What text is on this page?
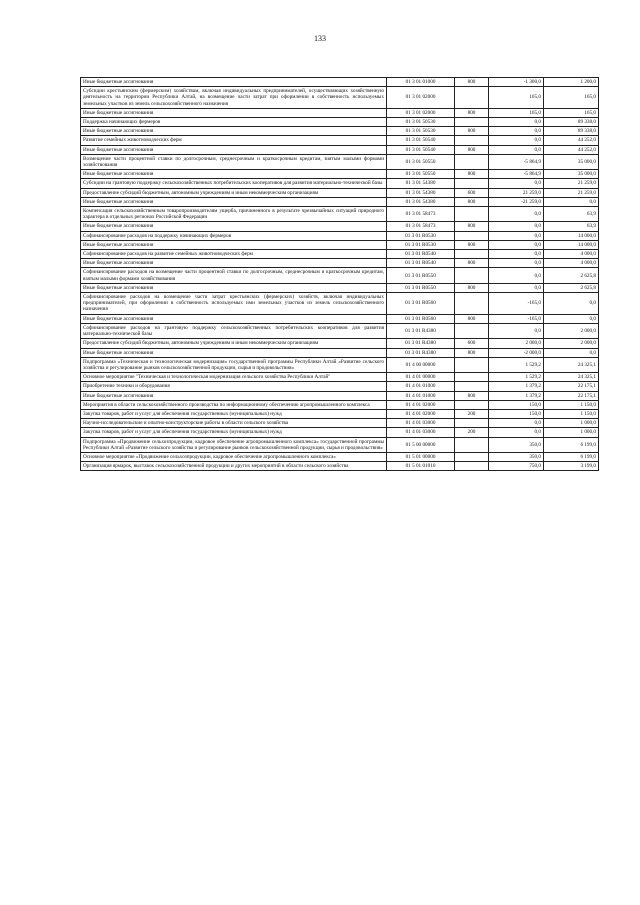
133
Иные бюджетные ассигнования	01 3 01 01000	800	-1 300,0	1 200,0
Субсидии крестьянским (фермерским) хозяйствам, включая индивидуальных предпринимателей, осуществляющих хозяйственную деятельность на территории Республики Алтай, на возмещение части затрат при оформлении в собственность используемых земельных участков из земель сельскохозяйственного назначения	01 3 01 02000		165,0	165,0
Иные бюджетные ассигнования	01 3 01 02000	800	165,0	165,0
Поддержка начинающих фермеров	01 3 01 50530		0,0	89 338,0
Иные бюджетные ассигнования	01 3 01 50530	800	0,0	89 338,0
Развитие семейных животноводческих ферм	01 3 01 50540		0,0	44 252,0
Иные бюджетные ассигнования	01 3 01 50540	800	0,0	44 252,0
Возмещение части процентной ставки по долгосрочным, среднесрочным и краткосрочным кредитам, взятым малыми формами хозяйствования	01 3 01 50550		-5 864,9	35 000,0
Иные бюджетные ассигнования	01 3 01 50550	800	-5 864,9	35 000,0
Субсидии на грантовую поддержку сельскохозяйственных потребительских кооперативов для развития материально-технической базы	01 3 01 54380		0,0	21 259,0
Предоставление субсидий бюджетным, автономным учреждениям и иным некоммерческим организациям	01 3 01 54380	600	21 259,0	21 259,0
Иные бюджетные ассигнования	01 3 01 54380	800	-21 259,0	0,0
Компенсация сельскохозяйственным товаропроизводителям ущерба, причиненного в результате чрезвычайных ситуаций природного характера в отдельных регионах Российской Федерации	01 3 01 58473		0,0	63,9
Иные бюджетные ассигнования	01 3 01 58473	800	0,0	63,9
Софинансирование расходов на поддержку начинающих фермеров	01 3 01 R0530		0,0	14 000,0
Иные бюджетные ассигнования	01 3 01 R0530	800	0,0	14 000,0
Софинансирование расходов на развитие семейных животноводческих ферм	01 3 01 R0540		0,0	4 000,0
Иные бюджетные ассигнования	01 3 01 R0540	800	0,0	4 000,0
Софинансирование расходов на возмещение части процентной ставки по долгосрочным, среднесрочным и краткосрочным кредитам, взятым малыми формами хозяйствования	01 3 01 R0550		0,0	2 625,8
Иные бюджетные ассигнования	01 3 01 R0550	800	0,0	2 625,8
Софинансирование расходов на возмещение части затрат крестьянских (фермерских) хозяйств, включая индивидуальных предпринимателей, при оформлении в собственность используемых ими земельных участков из земель сельскохозяйственного назначения	01 3 01 R0560		-165,0	0,0
Иные бюджетные ассигнования	01 3 01 R0560	800	-165,0	0,0
Софинансирование расходов на грантовую поддержку сельскохозяйственных потребительских кооперативов для развития материально-технической базы	01 3 01 R4380		0,0	2 000,0
Предоставление субсидий бюджетным, автономным учреждениям и иным некоммерческим организациям	01 3 01 R4380	600	2 000,0	2 000,0
Иные бюджетные ассигнования	01 3 01 R4380	800	-2 000,0	0,0
Подпрограмма «Техническая и технологическая модернизация» государственной программы Республики Алтай «Развитие сельского хозяйства и регулирование рынков сельскохозяйственной продукции, сырья и продовольствия»	01 4 00 00000		1 529,2	24 325,1
Основное мероприятие "Техническая и технологическая модернизация сельского хозяйства Республики Алтай"	01 4 01 00000		1 529,2	24 325,1
Приобретение техники и оборудования	01 4 01 01000		1 379,2	22 175,1
Иные бюджетные ассигнования	01 4 01 01000	800	1 379,2	22 175,1
Мероприятия в области сельскохозяйственного производства по информационному обеспечению агропромышленного комплекса	01 4 01 02000		150,0	1 150,0
Закупка товаров, работ и услуг для обеспечения государственных (муниципальных) нужд	01 4 01 02000	200	150,0	1 150,0
Научно-исследовательские и опытно-конструкторские работы в области сельского хозяйства	01 4 01 03000		0,0	1 000,0
Закупка товаров, работ и услуг для обеспечения государственных (муниципальных) нужд	01 4 01 03000	200	0,0	1 000,0
Подпрограмма «Продвижение сельхозпродукции, кадровое обеспечение агропромышленного комплекса» государственной программы Республики Алтай «Развитие сельского хозяйства и регулирование рынков сельскохозяйственной продукции, сырья и продовольствия»	01 5 00 00000		350,0	6 199,0
Основное мероприятие «Продвижение сельхозпродукции, кадровое обеспечение агропромышленного комплекса»	01 5 01 00000		350,0	6 199,0
Организация ярмарок, выставок сельскохозяйственной продукции и других мероприятий в области сельского хозяйства	01 5 01 01010		750,0	3 199,0
